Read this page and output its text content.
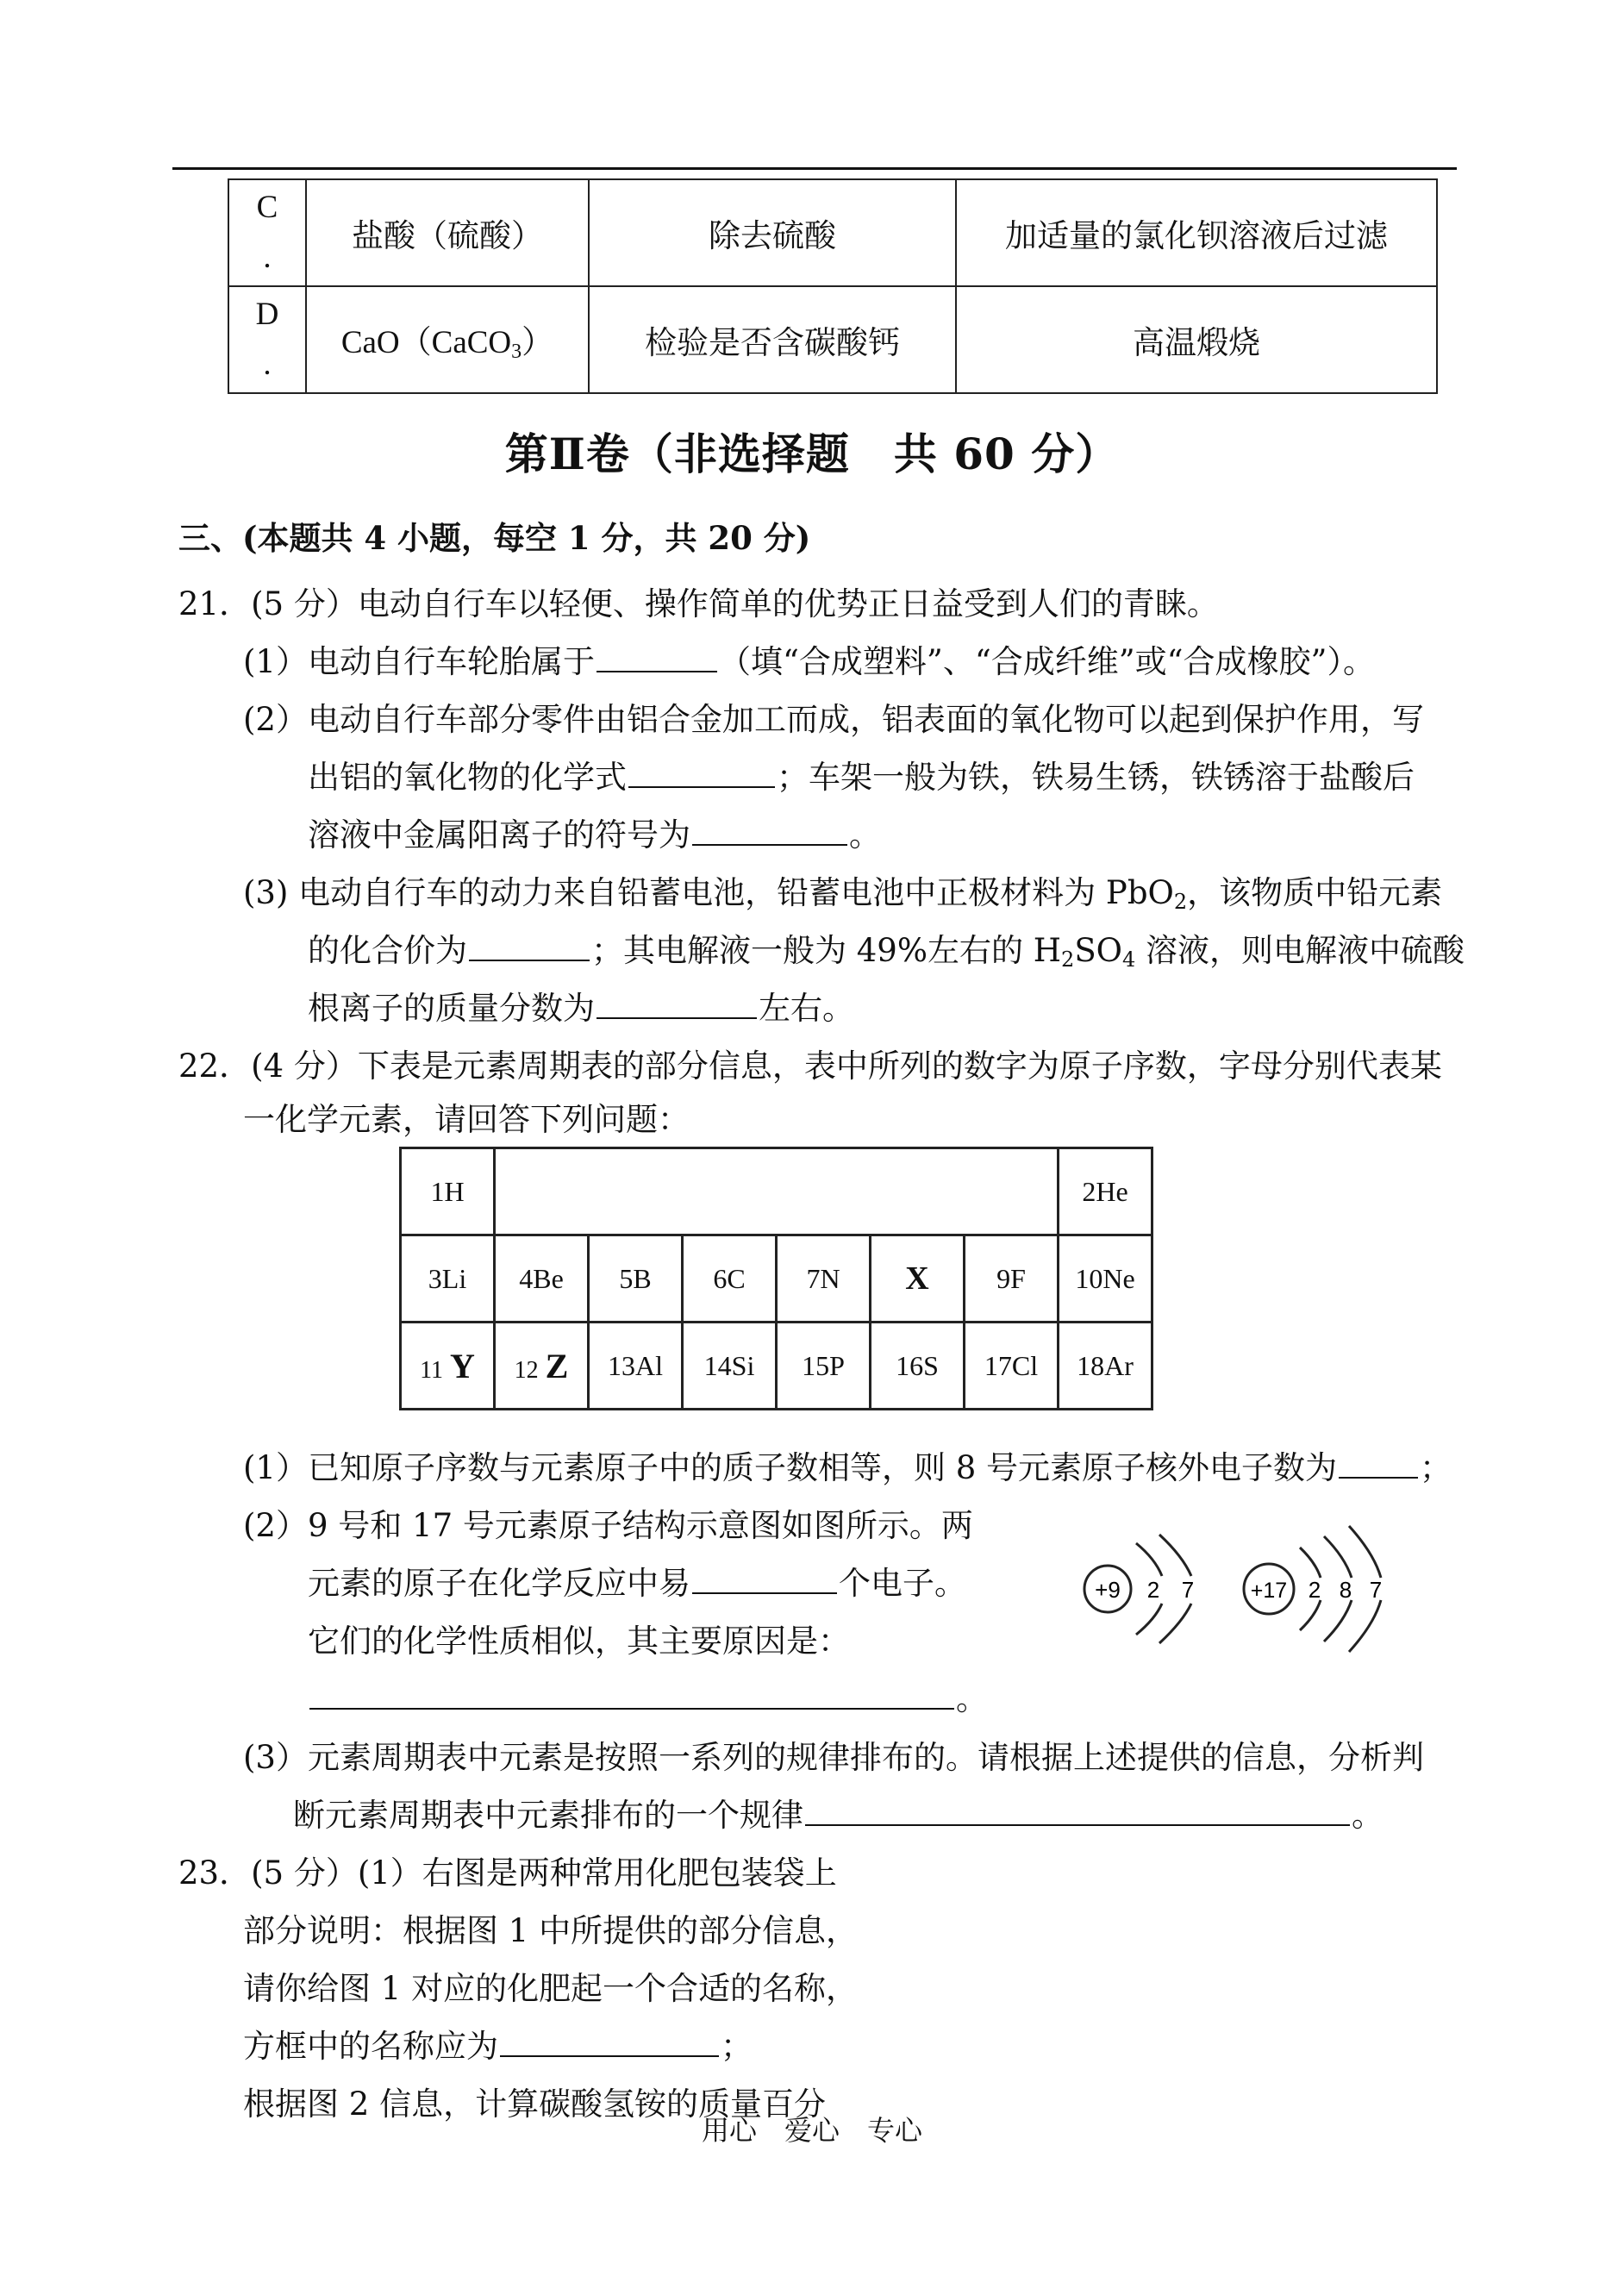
C
.	盐酸（硫酸）	除去硫酸	加适量的氯化钡溶液后过滤
D
.	CaO（CaCO$_3$）	检验是否含碳酸钙	高温煅烧
第Ⅱ卷（非选择题　共 60 分）
三、(本题共 4 小题，每空 1 分，共 20 分)
21．(5 分）电动自行车以轻便、操作简单的优势正日益受到人们的青睐。
(1）电动自行车轮胎属于	（填“合成塑料”、“合成纤维”或“合成橡胶”）。
(2）电动自行车部分零件由铝合金加工而成，铝表面的氧化物可以起到保护作用，写
出铝的氧化物的化学式	；车架一般为铁，铁易生锈，铁锈溶于盐酸后
溶液中金属阳离子的符号为	。
(3) 电动自行车的动力来自铅蓄电池，铅蓄电池中正极材料为 PbO$_2$，该物质中铅元素
的化合价为	；其电解液一般为 49%左右的 $H_2SO_4$ 溶液，则电解液中硫酸
根离子的质量分数为	左右。
22．(4 分）下表是元素周期表的部分信息，表中所列的数字为原子序数，字母分别代表某
一化学元素，请回答下列问题：
1H							2He
3Li	4Be	5B	6C	7N	X	9F	10Ne
11 Y	12 Z	13Al	14Si	15P	16S	17Cl	18Ar
(1）已知原子序数与元素原子中的质子数相等，则 8 号元素原子核外电子数为	；
(2）9 号和 17 号元素原子结构示意图如图所示。两
元素的原子在化学反应中易	个电子。
它们的化学性质相似，其主要原因是：
。
+9 2 7	+17 2 8 7
(3）元素周期表中元素是按照一系列的规律排布的。请根据上述提供的信息，分析判
断元素周期表中元素排布的一个规律	。
23．(5 分）(1）右图是两种常用化肥包装袋上
部分说明：根据图 1 中所提供的部分信息，
请你给图 1 对应的化肥起一个合适的名称，
方框中的名称应为	；
根据图 2 信息，计算碳酸氢铵的质量百分
用心　爱心　专心
